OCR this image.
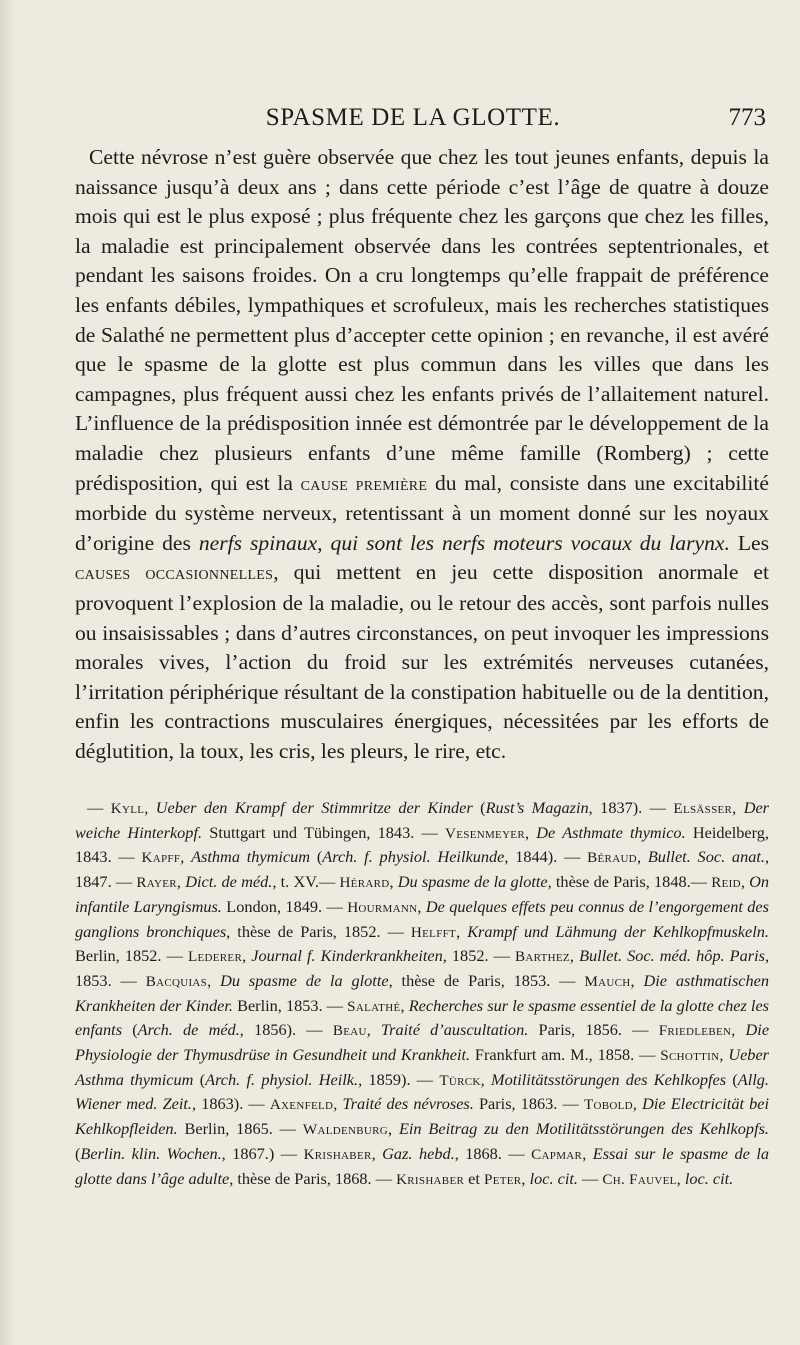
SPASME DE LA GLOTTE.	773

Cette névrose n’est guère observée que chez les tout jeunes enfants, depuis la naissance jusqu’à deux ans ; dans cette période c’est l’âge de quatre à douze mois qui est le plus exposé ; plus fréquente chez les garçons que chez les filles, la maladie est principalement observée dans les contrées septentrionales, et pendant les saisons froides. On a cru longtemps qu’elle frappait de préférence les enfants débiles, lympathiques et scrofuleux, mais les recherches statistiques de Salathé ne permettent plus d’accepter cette opinion ; en revanche, il est avéré que le spasme de la glotte est plus commun dans les villes que dans les campagnes, plus fréquent aussi chez les enfants privés de l’allaitement naturel. L’influence de la prédisposition innée est démontrée par le développement de la maladie chez plusieurs enfants d’une même famille (Romberg) ; cette prédisposition, qui est la cause première du mal, consiste dans une excitabilité morbide du système nerveux, retentissant à un moment donné sur les noyaux d’origine des nerfs spinaux, qui sont les nerfs moteurs vocaux du larynx. Les causes occasionnelles, qui mettent en jeu cette disposition anormale et provoquent l’explosion de la maladie, ou le retour des accès, sont parfois nulles ou insaisissables ; dans d’autres circonstances, on peut invoquer les impressions morales vives, l’action du froid sur les extrémités nerveuses cutanées, l’irritation périphérique résultant de la constipation habituelle ou de la dentition, enfin les contractions musculaires énergiques, nécessitées par les efforts de déglutition, la toux, les cris, les pleurs, le rire, etc.

— Kyll, Ueber den Krampf der Stimmritze der Kinder (Rust’s Magazin, 1837). — Elsässer, Der weiche Hinterkopf. Stuttgart und Tübingen, 1843. — Vesenmeyer, De Asthmate thymico. Heidelberg, 1843. — Kapff, Asthma thymicum (Arch. f. physiol. Heilkunde, 1844). — Béraud, Bullet. Soc. anat., 1847. — Rayer, Dict. de méd., t. XV.— Hérard, Du spasme de la glotte, thèse de Paris, 1848.— Reid, On infantile Laryngismus. London, 1849. — Hourmann, De quelques effets peu connus de l’engorgement des ganglions bronchiques, thèse de Paris, 1852. — Helfft, Krampf und Lähmung der Kehlkopfmuskeln. Berlin, 1852. — Lederer, Journal f. Kinderkrankheiten, 1852. — Barthez, Bullet. Soc. méd. hôp. Paris, 1853. — Bacquias, Du spasme de la glotte, thèse de Paris, 1853. — Mauch, Die asthmatischen Krankheiten der Kinder. Berlin, 1853. — Salathé, Recherches sur le spasme essentiel de la glotte chez les enfants (Arch. de méd., 1856). — Beau, Traité d’auscultation. Paris, 1856. — Friedleben, Die Physiologie der Thymusdrüse in Gesundheit und Krankheit. Frankfurt am. M., 1858. — Schottin, Ueber Asthma thymicum (Arch. f. physiol. Heilk., 1859). — Türck, Motilitätsstörungen des Kehlkopfes (Allg. Wiener med. Zeit., 1863). — Axenfeld, Traité des névroses. Paris, 1863. — Tobold, Die Electricität bei Kehlkopfleiden. Berlin, 1865. — Waldenburg, Ein Beitrag zu den Motilitätsstörungen des Kehlkopfs. (Berlin. klin. Wochen., 1867.) — Krishaber, Gaz. hebd., 1868. — Capmar, Essai sur le spasme de la glotte dans l’âge adulte, thèse de Paris, 1868. — Krishaber et Peter, loc. cit. — Ch. Fauvel, loc. cit.
